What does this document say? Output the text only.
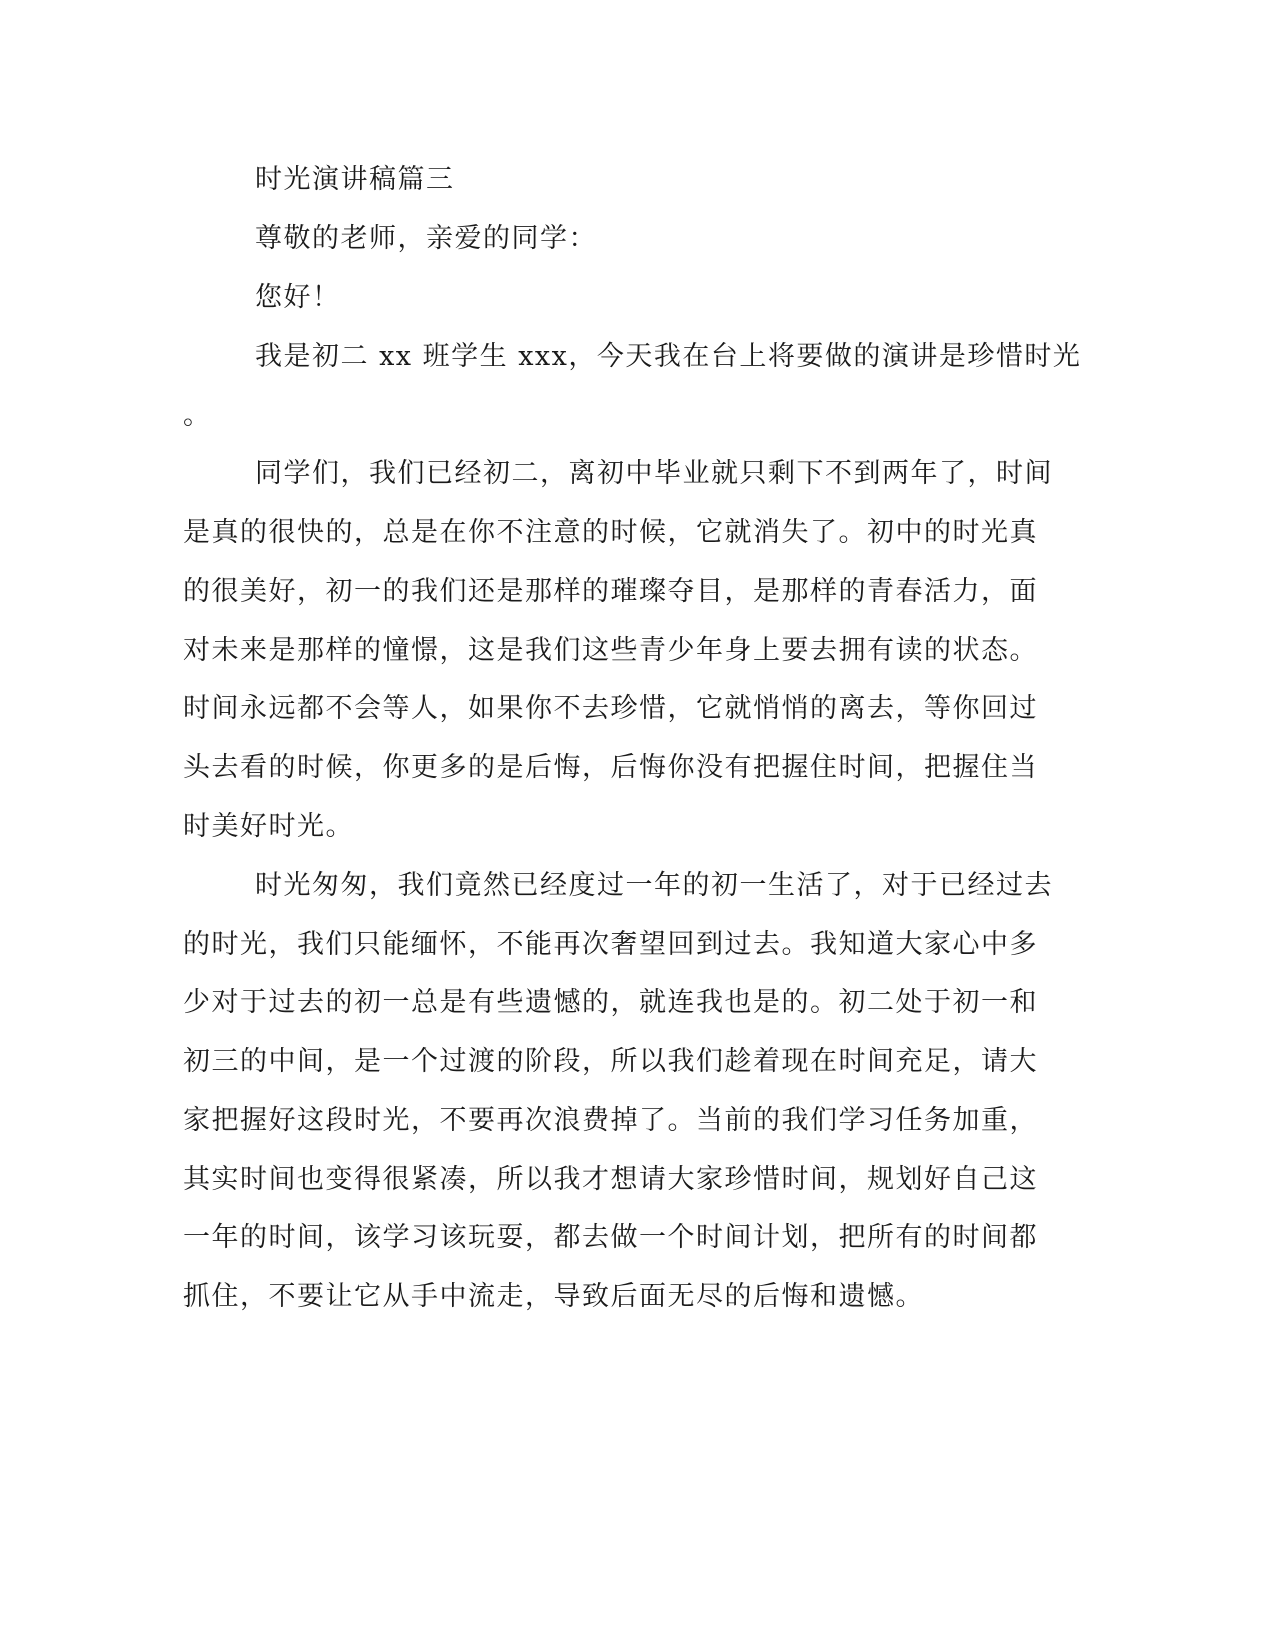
时光演讲稿篇三
尊敬的老师，亲爱的同学：
您好！
我是初二 xx 班学生 xxx，今天我在台上将要做的演讲是珍惜时光
。
同学们，我们已经初二，离初中毕业就只剩下不到两年了，时间
是真的很快的，总是在你不注意的时候，它就消失了。初中的时光真
的很美好，初一的我们还是那样的璀璨夺目，是那样的青春活力，面
对未来是那样的憧憬，这是我们这些青少年身上要去拥有读的状态。
时间永远都不会等人，如果你不去珍惜，它就悄悄的离去，等你回过
头去看的时候，你更多的是后悔，后悔你没有把握住时间，把握住当
时美好时光。
时光匆匆，我们竟然已经度过一年的初一生活了，对于已经过去
的时光，我们只能缅怀，不能再次奢望回到过去。我知道大家心中多
少对于过去的初一总是有些遗憾的，就连我也是的。初二处于初一和
初三的中间，是一个过渡的阶段，所以我们趁着现在时间充足，请大
家把握好这段时光，不要再次浪费掉了。当前的我们学习任务加重，
其实时间也变得很紧凑，所以我才想请大家珍惜时间，规划好自己这
一年的时间，该学习该玩耍，都去做一个时间计划，把所有的时间都
抓住，不要让它从手中流走，导致后面无尽的后悔和遗憾。
